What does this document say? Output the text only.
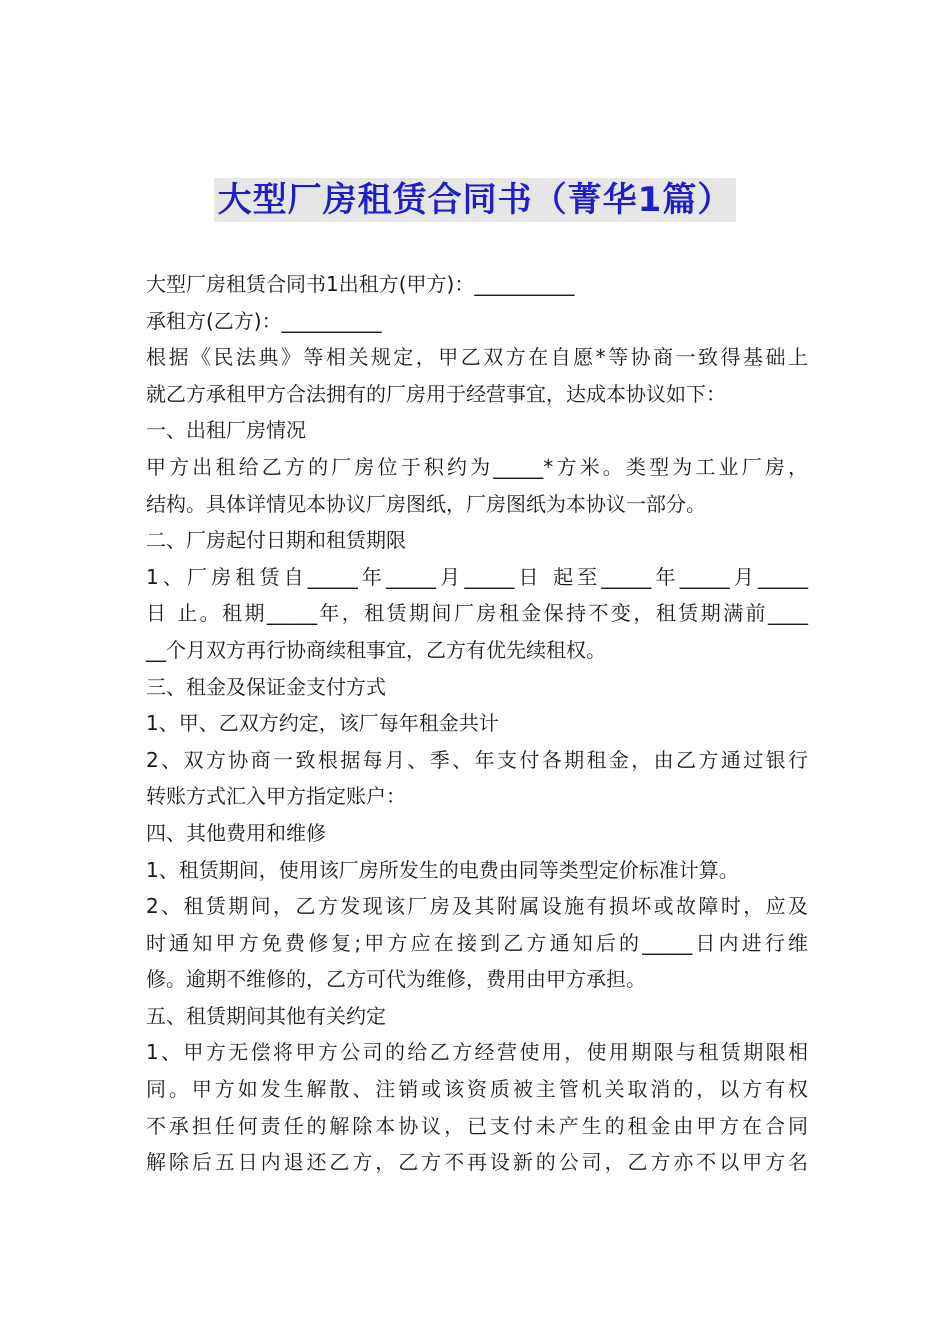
大型厂房租赁合同书（菁华1篇）
大型厂房租赁合同书1出租方(甲方)：__________
承租方(乙方)：__________
根据《民法典》等相关规定，甲乙双方在自愿*等协商一致得基础上
就乙方承租甲方合法拥有的厂房用于经营事宜，达成本协议如下：
一、出租厂房情况
甲方出租给乙方的厂房位于积约为_____*方米。类型为工业厂房，
结构。具体详情见本协议厂房图纸，厂房图纸为本协议一部分。
二、厂房起付日期和租赁期限
1、厂房租赁自_____年_____月_____日 起至_____年_____月_____
日 止。租期_____年，租赁期间厂房租金保持不变，租赁期满前____
__个月双方再行协商续租事宜，乙方有优先续租权。
三、租金及保证金支付方式
1、甲、乙双方约定，该厂每年租金共计
2、双方协商一致根据每月、季、年支付各期租金，由乙方通过银行
转账方式汇入甲方指定账户：
四、其他费用和维修
1、租赁期间，使用该厂房所发生的电费由同等类型定价标准计算。
2、租赁期间，乙方发现该厂房及其附属设施有损坏或故障时，应及
时通知甲方免费修复;甲方应在接到乙方通知后的_____日内进行维
修。逾期不维修的，乙方可代为维修，费用由甲方承担。
五、租赁期间其他有关约定
1、甲方无偿将甲方公司的给乙方经营使用，使用期限与租赁期限相
同。甲方如发生解散、注销或该资质被主管机关取消的，以方有权
不承担任何责任的解除本协议，已支付未产生的租金由甲方在合同
解除后五日内退还乙方，乙方不再设新的公司，乙方亦不以甲方名
